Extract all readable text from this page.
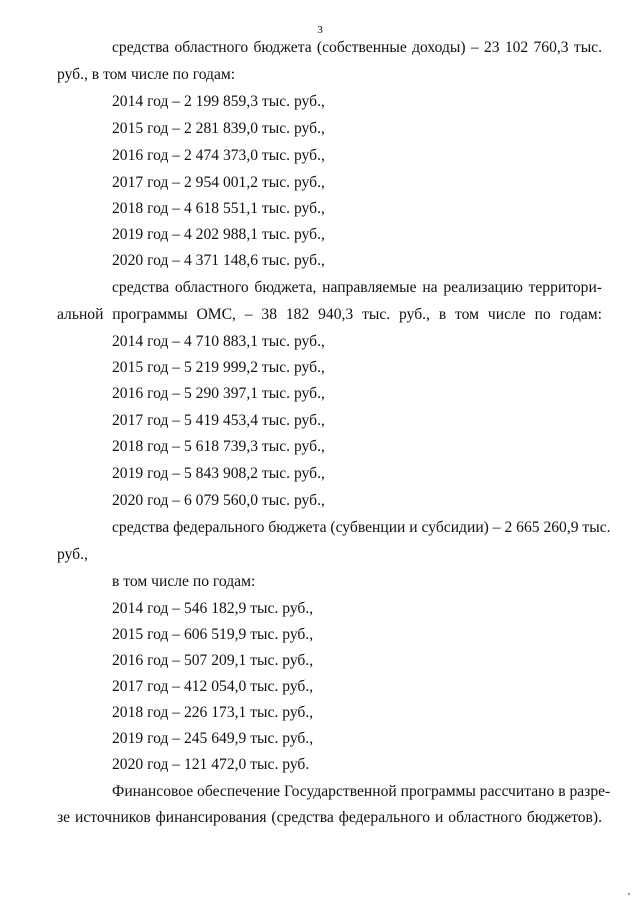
3
средства областного бюджета (собственные доходы) – 23 102 760,3 тыс.
руб., в том числе по годам:
2014 год – 2 199 859,3 тыс. руб.,
2015 год – 2 281 839,0 тыс. руб.,
2016 год – 2 474 373,0 тыс. руб.,
2017 год – 2 954 001,2 тыс. руб.,
2018 год – 4 618 551,1 тыс. руб.,
2019 год – 4 202 988,1 тыс. руб.,
2020 год – 4 371 148,6 тыс. руб.,
средства областного бюджета, направляемые на реализацию территори-
альной программы ОМС, – 38 182 940,3 тыс. руб., в том числе по годам:
2014 год – 4 710 883,1 тыс. руб.,
2015 год – 5 219 999,2 тыс. руб.,
2016 год – 5 290 397,1 тыс. руб.,
2017 год – 5 419 453,4 тыс. руб.,
2018 год – 5 618 739,3 тыс. руб.,
2019 год – 5 843 908,2 тыс. руб.,
2020 год – 6 079 560,0 тыс. руб.,
средства федерального бюджета (субвенции и субсидии) – 2 665 260,9 тыс.
руб.,
в том числе по годам:
2014 год – 546 182,9 тыс. руб.,
2015 год – 606 519,9 тыс. руб.,
2016 год – 507 209,1 тыс. руб.,
2017 год – 412 054,0 тыс. руб.,
2018 год – 226 173,1 тыс. руб.,
2019 год – 245 649,9 тыс. руб.,
2020 год – 121 472,0 тыс. руб.
Финансовое обеспечение Государственной программы рассчитано в разре-
зе источников финансирования (средства федерального и областного бюджетов).
